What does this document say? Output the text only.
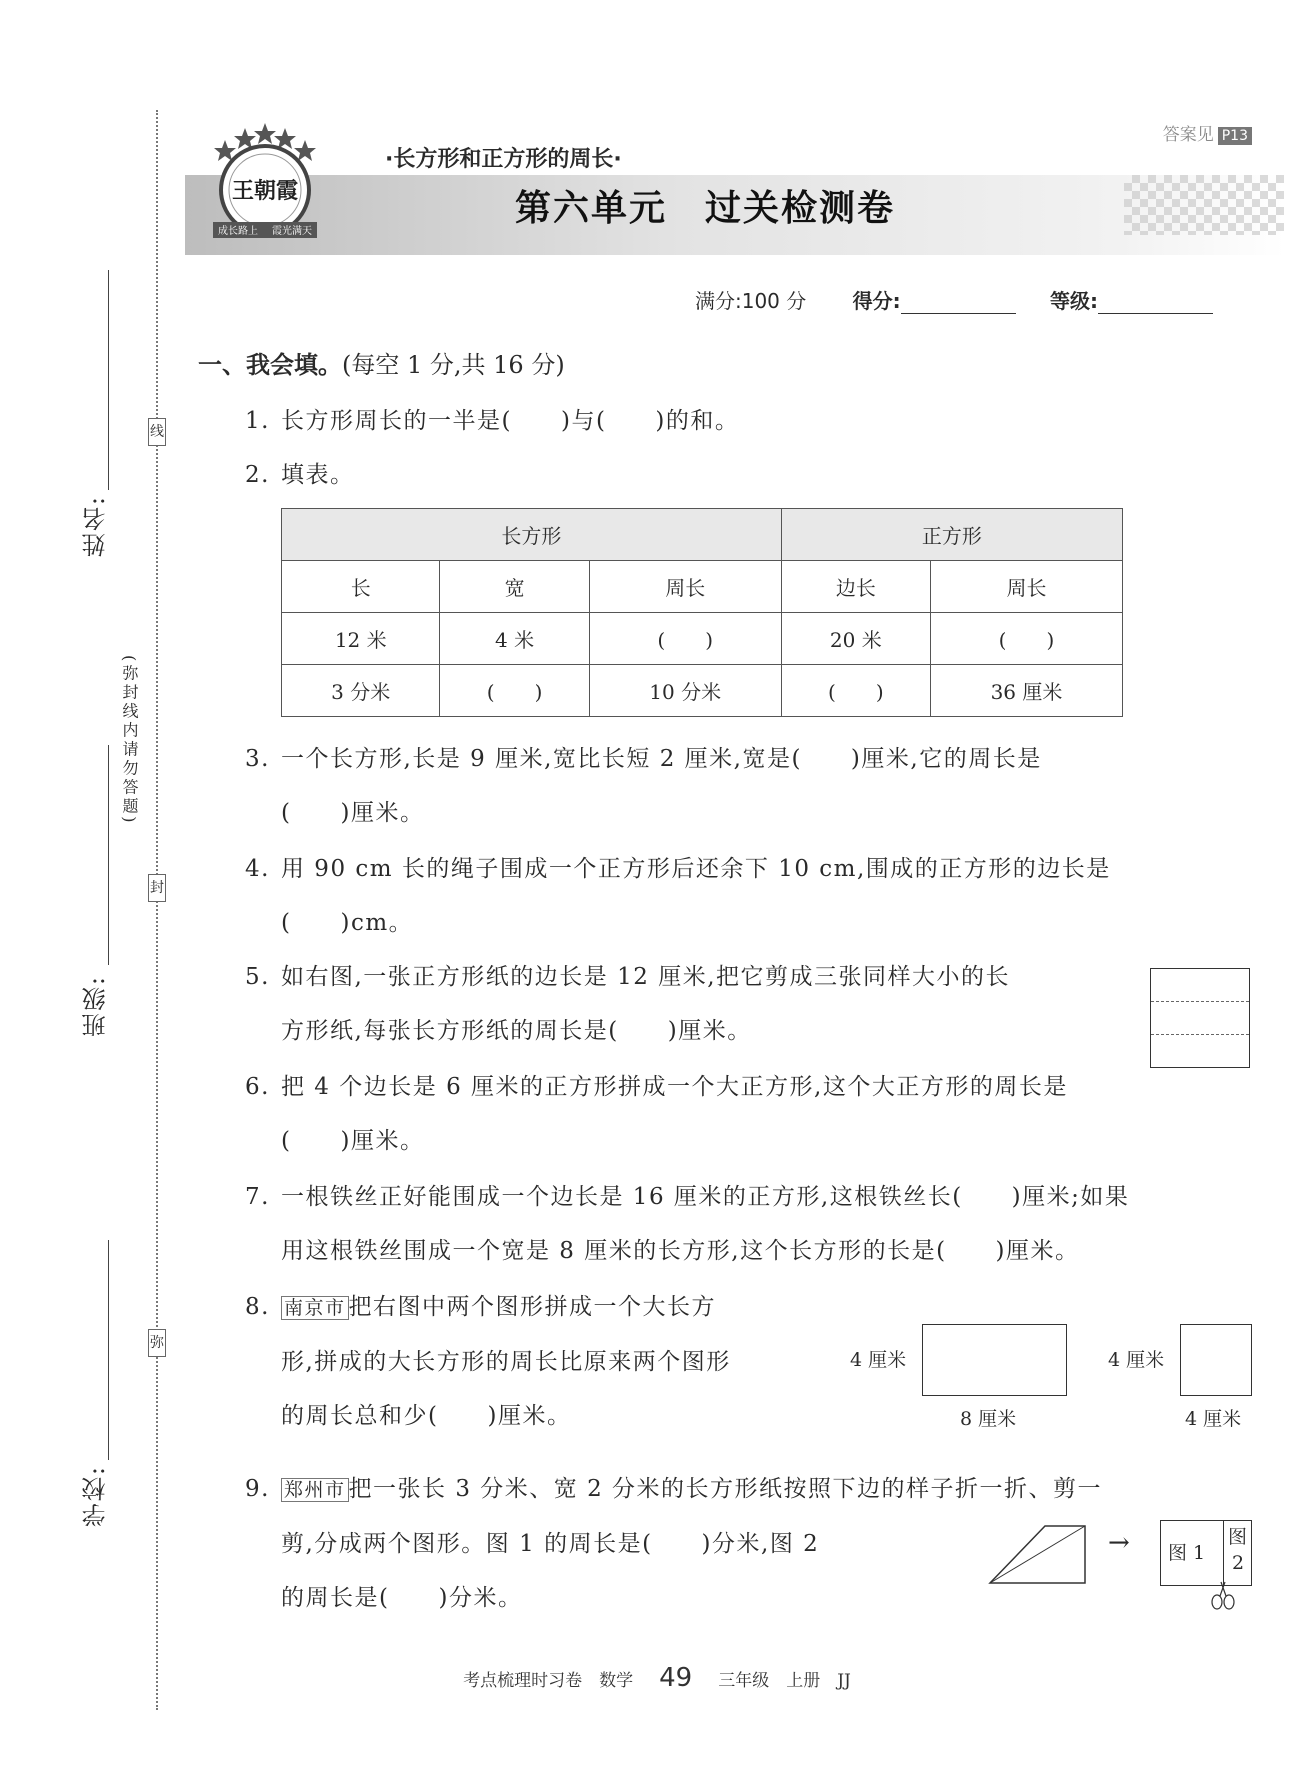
线
封
弥
姓名:
班级:
学校:
(弥封线内请勿答题)
答案见 P13
王朝霞
成长路上 霞光满天
·长方形和正方形的周长·
第六单元　过关检测卷
满分:100 分　　 得分:	等级:
一、我会填。(每空 1 分,共 16 分)
1. 长方形周长的一半是(　　)与(　　)的和。
2. 填表。
长方形			正方形	
长	宽	周长	边长	周长
12 米	4 米	(　　)	20 米	(　　)
3 分米	(　　)	10 分米	(　　)	36 厘米
3. 一个长方形,长是 9 厘米,宽比长短 2 厘米,宽是(　　)厘米,它的周长是
(　　)厘米。
4. 用 90 cm 长的绳子围成一个正方形后还余下 10 cm,围成的正方形的边长是
(　　)cm。
5. 如右图,一张正方形纸的边长是 12 厘米,把它剪成三张同样大小的长
方形纸,每张长方形纸的周长是(　　)厘米。
6. 把 4 个边长是 6 厘米的正方形拼成一个大正方形,这个大正方形的周长是
(　　)厘米。
7. 一根铁丝正好能围成一个边长是 16 厘米的正方形,这根铁丝长(　　)厘米;如果
用这根铁丝围成一个宽是 8 厘米的长方形,这个长方形的长是(　　)厘米。
8. 南京市 把右图中两个图形拼成一个大长方
形,拼成的大长方形的周长比原来两个图形
的周长总和少(　　)厘米。
4 厘米
8 厘米
4 厘米
4 厘米
9. 郑州市 把一张长 3 分米、宽 2 分米的长方形纸按照下边的样子折一折、剪一
剪,分成两个图形。图 1 的周长是(　　)分米,图 2
的周长是(　　)分米。
→ 图 1
图
2
考点梳理时习卷　数学 49 三年级　上册　JJ
